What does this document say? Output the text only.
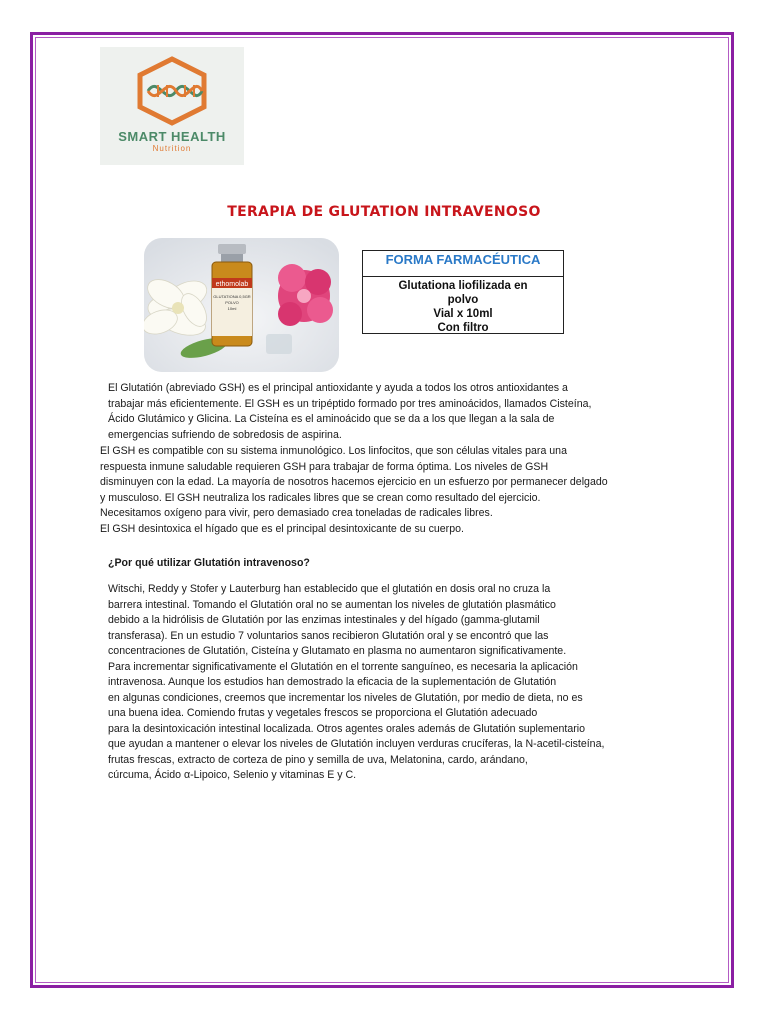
SMART HEALTH
Nutrition
TERAPIA DE GLUTATION INTRAVENOSO
ethomolab
GLUTATIONA 0,5GR
POLVO
10ml
FORMA FARMACÉUTICA
Glutationa liofilizada en
polvo
Vial x 10ml
Con filtro
El Glutatión (abreviado GSH) es el principal antioxidante y ayuda a todos los otros antioxidantes a
trabajar más eficientemente. El GSH es un tripéptido formado por tres aminoácidos, llamados Cisteína,
Ácido Glutámico y Glicina. La Cisteína es el aminoácido que se da a los que llegan a la sala de
emergencias sufriendo de sobredosis de aspirina.
El GSH es compatible con su sistema inmunológico. Los linfocitos, que son células vitales para una
respuesta inmune saludable requieren GSH para trabajar de forma óptima. Los niveles de GSH
disminuyen con la edad. La mayoría de nosotros hacemos ejercicio en un esfuerzo por permanecer delgado
y musculoso. El GSH neutraliza los radicales libres que se crean como resultado del ejercicio.
Necesitamos oxígeno para vivir, pero demasiado crea toneladas de radicales libres.
El GSH desintoxica el hígado que es el principal desintoxicante de su cuerpo.
¿Por qué utilizar Glutatión intravenoso?
Witschi, Reddy y Stofer y Lauterburg han establecido que el glutatión en dosis oral no cruza la
barrera intestinal. Tomando el Glutatión oral no se aumentan los niveles de glutatión plasmático
debido a la hidrólisis de Glutatión por las enzimas intestinales y del hígado (gamma-glutamil
transferasa). En un estudio 7 voluntarios sanos recibieron Glutatión oral y se encontró que las
concentraciones de Glutatión, Cisteína y Glutamato en plasma no aumentaron significativamente.
Para incrementar significativamente el Glutatión en el torrente sanguíneo, es necesaria la aplicación
intravenosa. Aunque los estudios han demostrado la eficacia de la suplementación de Glutatión
en algunas condiciones, creemos que incrementar los niveles de Glutatión, por medio de dieta, no es
una buena idea. Comiendo frutas y vegetales frescos se proporciona el Glutatión adecuado
para la desintoxicación intestinal localizada. Otros agentes orales además de Glutatión suplementario
que ayudan a mantener o elevar los niveles de Glutatión incluyen verduras crucíferas, la N-acetil-cisteína,
frutas frescas, extracto de corteza de pino y semilla de uva, Melatonina, cardo, arándano,
cúrcuma, Ácido α-Lipoico, Selenio y vitaminas E y C.
